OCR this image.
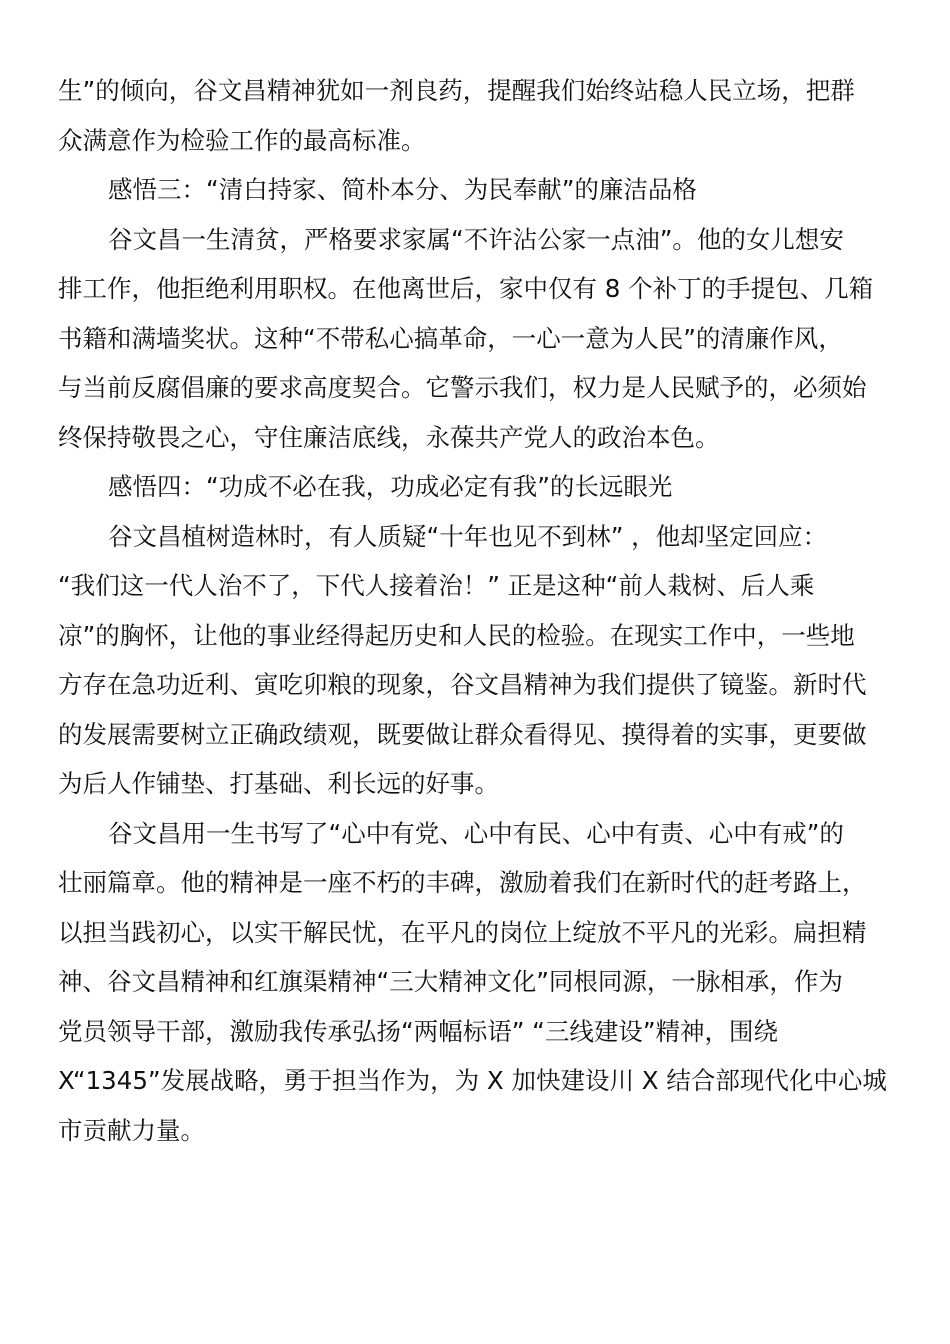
生”的倾向，谷文昌精神犹如一剂良药，提醒我们始终站稳人民立场，把群
众满意作为检验工作的最高标准。
感悟三：“清白持家、简朴本分、为民奉献”的廉洁品格
谷文昌一生清贫，严格要求家属“不许沾公家一点油”。他的女儿想安
排工作，他拒绝利用职权。在他离世后，家中仅有 8 个补丁的手提包、几箱
书籍和满墙奖状。这种“不带私心搞革命，一心一意为人民”的清廉作风，
与当前反腐倡廉的要求高度契合。它警示我们，权力是人民赋予的，必须始
终保持敬畏之心，守住廉洁底线，永葆共产党人的政治本色。
感悟四：“功成不必在我，功成必定有我”的长远眼光
谷文昌植树造林时，有人质疑“十年也见不到林” ，他却坚定回应：
“我们这一代人治不了，下代人接着治！” 正是这种“前人栽树、后人乘
凉”的胸怀，让他的事业经得起历史和人民的检验。在现实工作中，一些地
方存在急功近利、寅吃卯粮的现象，谷文昌精神为我们提供了镜鉴。新时代
的发展需要树立正确政绩观，既要做让群众看得见、摸得着的实事，更要做
为后人作铺垫、打基础、利长远的好事。
谷文昌用一生书写了“心中有党、心中有民、心中有责、心中有戒”的
壮丽篇章。他的精神是一座不朽的丰碑，激励着我们在新时代的赶考路上，
以担当践初心，以实干解民忧，在平凡的岗位上绽放不平凡的光彩。扁担精
神、谷文昌精神和红旗渠精神“三大精神文化”同根同源，一脉相承，作为
党员领导干部，激励我传承弘扬“两幅标语” “三线建设”精神，围绕
X“1345”发展战略，勇于担当作为，为 X 加快建设川 X 结合部现代化中心城
市贡献力量。
